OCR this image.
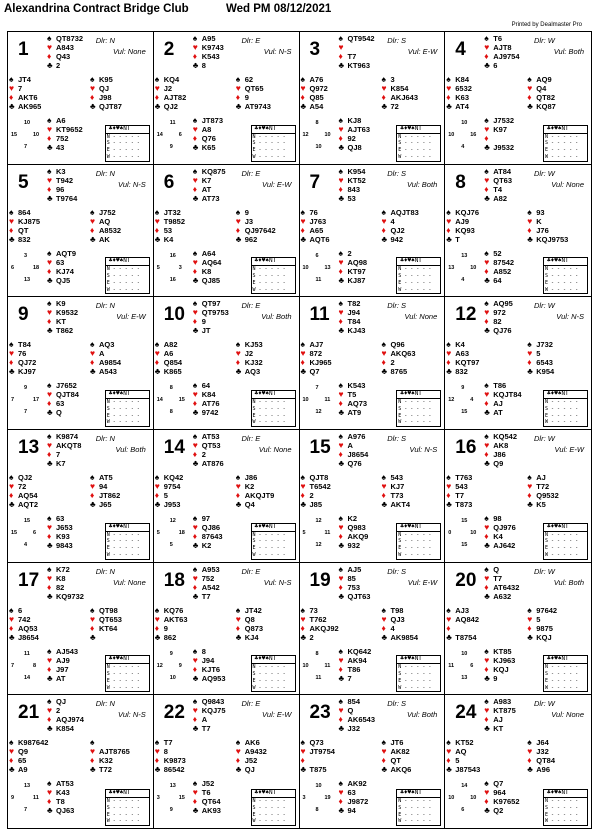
Alexandrina Contract Bridge Club	Wed PM 08/12/2021
Printed by Dealmaster Pro
1	Dlr: N
Vul: None
♠ QT8732
♥ A843
♦ Q43
♣ 2
♠ JT4
♥ 7
♦ AKT6
♣ AK965
♠ K95
♥ QJ
♦ J98
♣ QJT87
♠ A6
♥ KT9652
♦ 752
♣ 43
10
15	10
7
♣♦♥♠NT
N - - - - -
S - - - - -
E - - - - -
W - - - - -
2	Dlr: E
Vul: N-S
♠ A95
♥ K9743
♦ K543
♣ 8
♠ KQ4
♥ J2
♦ AJT82
♣ QJ2
♠ 62
♥ QT65
♦ 9
♣ AT9743
♠ JT873
♥ A8
♦ Q76
♣ K65
11
14	6
9
♣♦♥♠NT
N - - - - -
S - - - - -
E - - - - -
W - - - - -
3	Dlr: S
Vul: E-W
♠ QT9542
♥
♦ T7
♣ KT963
♠ A76
♥ Q972
♦ Q85
♣ A54
♠ 3
♥ K854
♦ AKJ643
♣ 72
♠ KJ8
♥ AJT63
♦ 92
♣ QJ8
8
12	10
10
♣♦♥♠NT
N - - - - -
S - - - - -
E - - - - -
W - - - - -
4	Dlr: W
Vul: Both
♠ T6
♥ AJT8
♦ AJ9754
♣ 6
♠ K84
♥ 6532
♦ K63
♣ AT4
♠ AQ9
♥ Q4
♦ QT82
♣ KQ87
♠ J7532
♥ K97
♦
♣ J9532
10
10	16
4
♣♦♥♠NT
N - - - - -
S - - - - -
E - - - - -
W - - - - -
5	Dlr: N
Vul: N-S
♠ K3
♥ T942
♦ 96
♣ T9764
♠ 864
♥ KJ875
♦ QT
♣ 832
♠ J752
♥ AQ
♦ A8532
♣ AK
♠ AQT9
♥ 63
♦ KJ74
♣ QJ5
3
6	18
13
♣♦♥♠NT
N - - - - -
S - - - - -
E - - - - -
W - - - - -
6	Dlr: E
Vul: E-W
♠ KQ875
♥ K7
♦ AT
♣ AT73
♠ JT32
♥ T9852
♦ 53
♣ K4
♠ 9
♥ J3
♦ QJ97642
♣ 962
♠ A64
♥ AQ64
♦ K8
♣ QJ85
16
5	3
16
♣♦♥♠NT
N - - - - -
S - - - - -
E - - - - -
W - - - - -
7	Dlr: S
Vul: Both
♠ K954
♥ KT52
♦ 843
♣ 53
♠ 76
♥ J763
♦ A65
♣ AQT6
♠ AQJT83
♥ 4
♦ QJ2
♣ 942
♠ 2
♥ AQ98
♦ KT97
♣ KJ87
6
10	13
11
♣♦♥♠NT
N - - - - -
S - - - - -
E - - - - -
W - - - - -
8	Dlr: W
Vul: None
♠ AT84
♥ QT63
♦ T4
♣ A82
♠ KQJ76
♥ AJ9
♦ KQ93
♣ T
♠ 93
♥ K
♦ J76
♣ KQJ9753
♠ 52
♥ 87542
♦ A852
♣ 64
13
13	10
4
♣♦♥♠NT
N - - - - -
S - - - - -
E - - - - -
W - - - - -
9	Dlr: N
Vul: E-W
♠ K9
♥ K9532
♦ KT
♣ T862
♠ T84
♥ 76
♦ QJ72
♣ KJ97
♠ AQ3
♥ A
♦ A9854
♣ A543
♠ J7652
♥ QJT84
♦ 63
♣ Q
9
7	17
7
♣♦♥♠NT
N - - - - -
S - - - - -
E - - - - -
W - - - - -
10	Dlr: E
Vul: Both
♠ QT97
♥ QT9753
♦ 9
♣ JT
♠ A82
♥ A6
♦ Q854
♣ K865
♠ KJ53
♥ J2
♦ KJ32
♣ AQ3
♠ 64
♥ K84
♦ AT76
♣ 9742
8
14	15
8
♣♦♥♠NT
N - - - - -
S - - - - -
E - - - - -
W - - - - -
11	Dlr: S
Vul: None
♠ T82
♥ J94
♦ T84
♣ KJ43
♠ AJ7
♥ 872
♦ KJ965
♣ Q7
♠ Q96
♥ AKQ63
♦ 2
♣ 8765
♠ K543
♥ T5
♦ AQ73
♣ AT9
7
10	11
12
♣♦♥♠NT
N - - - - -
S - - - - -
E - - - - -
W - - - - -
12	Dlr: W
Vul: N-S
♠ AQ95
♥ 972
♦ 82
♣ QJ76
♠ K4
♥ A63
♦ KQT97
♣ 832
♠ J732
♥ 5
♦ 6543
♣ K954
♠ T86
♥ KQJT84
♦ AJ
♣ AT
9
12	4
15
♣♦♥♠NT
N - - - - -
S - - - - -
E - - - - -
W - - - - -
13	Dlr: N
Vul: Both
♠ K9874
♥ AKQT8
♦ 7
♣ K7
♠ QJ2
♥ 72
♦ AQ54
♣ AQT2
♠ AT5
♥ 94
♦ JT862
♣ J65
♠ 63
♥ J653
♦ K93
♣ 9843
15
15	6
4
♣♦♥♠NT
N - - - - -
S - - - - -
E - - - - -
W - - - - -
14	Dlr: E
Vul: None
♠ AT53
♥ QT53
♦ 2
♣ AT876
♠ KQ42
♥ 9754
♦ 5
♣ J953
♠ J86
♥ K2
♦ AKQJT9
♣ Q4
♠ 97
♥ QJ86
♦ 87643
♣ K2
12
5	18
5
♣♦♥♠NT
N - - - - -
S - - - - -
E - - - - -
W - - - - -
15	Dlr: S
Vul: N-S
♠ A976
♥ A
♦ J8654
♣ Q76
♠ QJT8
♥ T6542
♦ 2
♣ J85
♠ 543
♥ KJ7
♦ T73
♣ AKT4
♠ K2
♥ Q983
♦ AKQ9
♣ 932
12
5	11
12
♣♦♥♠NT
N - - - - -
S - - - - -
E - - - - -
W - - - - -
16	Dlr: W
Vul: E-W
♠ KQ542
♥ AK8
♦ J86
♣ Q9
♠ T763
♥ 543
♦ T7
♣ T873
♠ AJ
♥ T72
♦ Q9532
♣ K5
♠ 98
♥ QJ976
♦ K4
♣ AJ642
15
0	10
15
♣♦♥♠NT
N - - - - -
S - - - - -
E - - - - -
W - - - - -
17	Dlr: N
Vul: None
♠ K72
♥ K8
♦ 82
♣ KQ9732
♠ 6
♥ 742
♦ AQ53
♣ J8654
♠ QT98
♥ QT653
♦ KT64
♣
♠ AJ543
♥ AJ9
♦ J97
♣ AT
11
7	8
14
♣♦♥♠NT
N - - - - -
S - - - - -
E - - - - -
W - - - - -
18	Dlr: E
Vul: N-S
♠ A953
♥ 752
♦ A542
♣ T7
♠ KQ76
♥ AKT63
♦ 9
♣ 862
♠ JT42
♥ Q8
♦ Q873
♣ KJ4
♠ 8
♥ J94
♦ KJT6
♣ AQ953
9
12	9
10
♣♦♥♠NT
N - - - - -
S - - - - -
E - - - - -
W - - - - -
19	Dlr: S
Vul: E-W
♠ AJ5
♥ 85
♦ 753
♣ QJT63
♠ 73
♥ T762
♦ AKQJ92
♣ 2
♠ T98
♥ QJ3
♦ 4
♣ AK9854
♠ KQ642
♥ AK94
♦ T86
♣ 7
8
10	11
11
♣♦♥♠NT
N - - - - -
S - - - - -
E - - - - -
W - - - - -
20	Dlr: W
Vul: Both
♠ Q
♥ T7
♦ AT6432
♣ A632
♠ AJ3
♥ AQ842
♦
♣ T8754
♠ 97642
♥ 5
♦ 9875
♣ KQJ
♠ KT85
♥ KJ963
♦ KQJ
♣ 9
10
11	6
13
♣♦♥♠NT
N - - - - -
S - - - - -
E - - - - -
W - - - - -
21	Dlr: N
Vul: N-S
♠ QJ
♥ 2
♦ AQJ974
♣ K854
♠ K987642
♥ Q9
♦ 65
♣ A9
♠
♥ AJT8765
♦ K32
♣ T72
♠ AT53
♥ K43
♦ T8
♣ QJ63
13
9	11
7
♣♦♥♠NT
N - - - - -
S - - - - -
E - - - - -
W - - - - -
22	Dlr: E
Vul: E-W
♠ Q9843
♥ KQJ75
♦ A
♣ T7
♠ T7
♥ 8
♦ K9873
♣ 86542
♠ AK6
♥ A9432
♦ J52
♣ QJ
♠ J52
♥ T6
♦ QT64
♣ AK93
13
3	15
9
♣♦♥♠NT
N - - - - -
S - - - - -
E - - - - -
W - - - - -
23	Dlr: S
Vul: Both
♠ 854
♥ Q
♦ AK6543
♣ J32
♠ Q73
♥ JT9754
♦
♣ T875
♠ JT6
♥ AK82
♦ QT
♣ AKQ6
♠ AK92
♥ 63
♦ J9872
♣ 94
10
3	19
8
♣♦♥♠NT
N - - - - -
S - - - - -
E - - - - -
W - - - - -
24	Dlr: W
Vul: None
♠ A983
♥ KT875
♦ AJ
♣ KT
♠ KT52
♥ AQ
♦ 5
♣ J87543
♠ J64
♥ J32
♦ QT84
♣ A96
♠ Q7
♥ 964
♦ K97652
♣ Q2
14
10	10
6
♣♦♥♠NT
N - - - - -
S - - - - -
E - - - - -
W - - - - -
